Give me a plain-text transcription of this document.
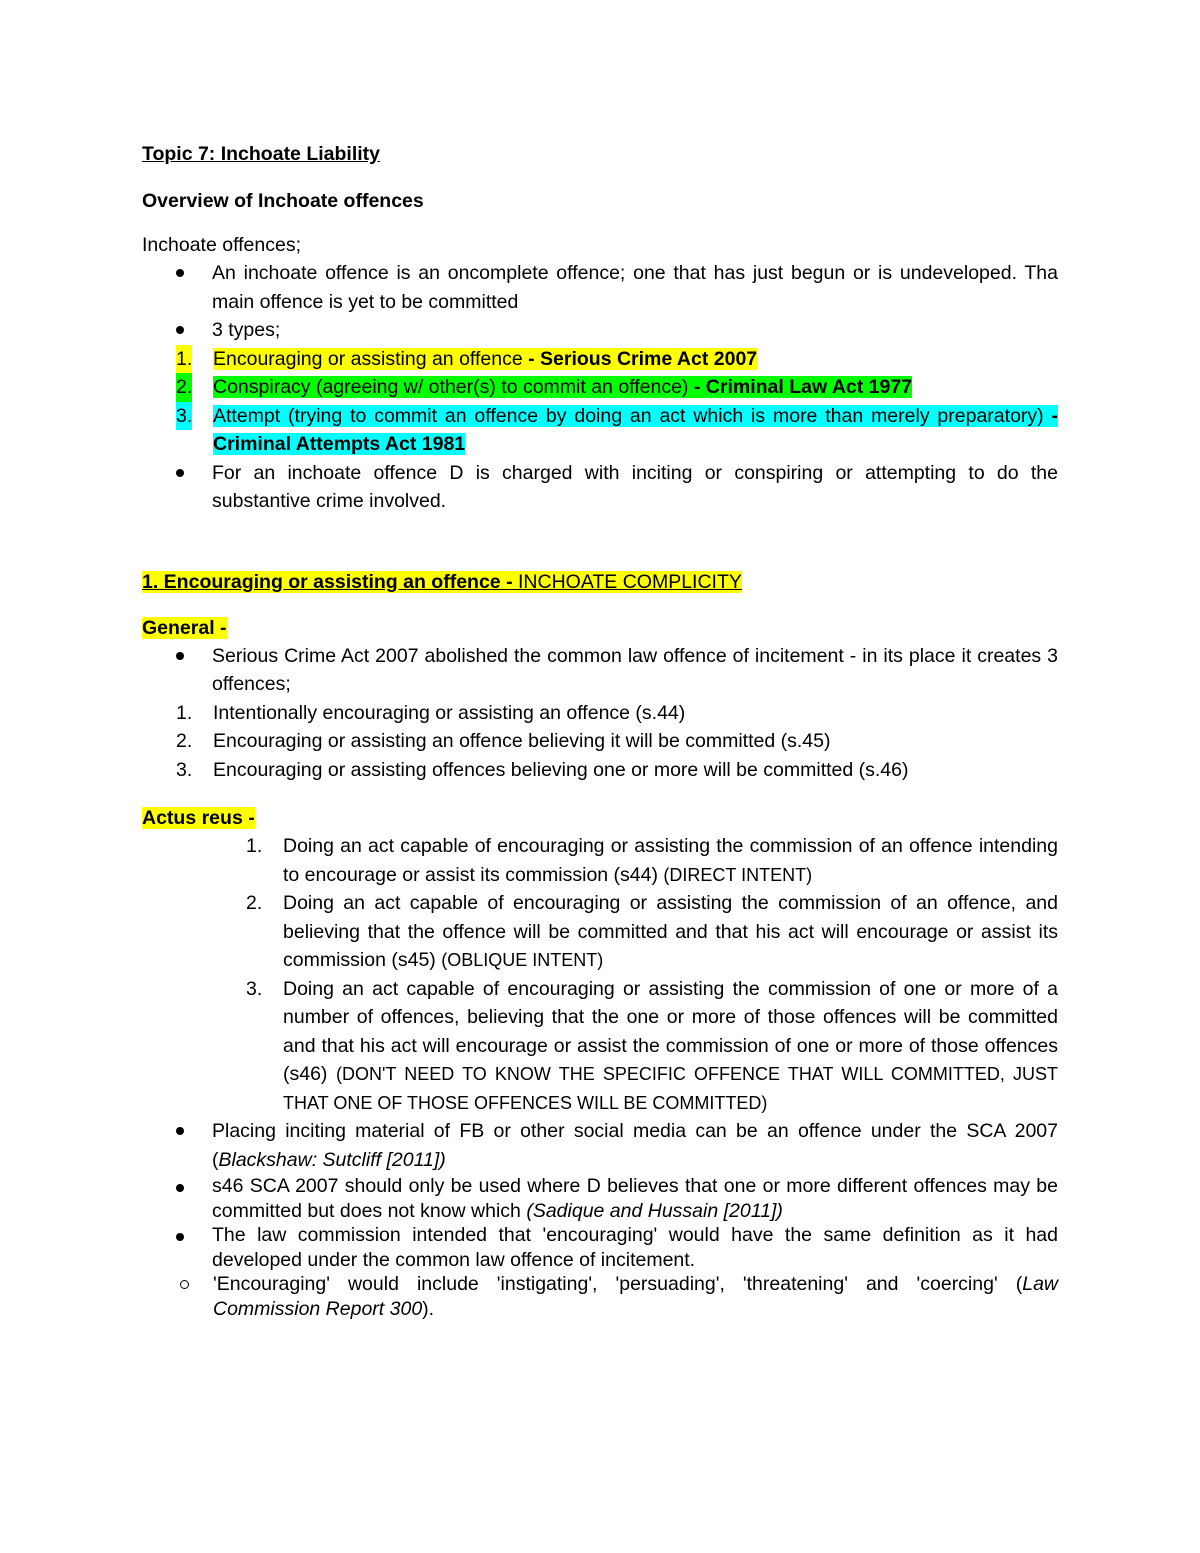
Topic 7: Inchoate Liability

Overview of Inchoate offences

Inchoate offences;

An inchoate offence is an oncomplete offence; one that has just begun or is undeveloped. Tha main offence is yet to be committed
3 types;
1. Encouraging or assisting an offence - Serious Crime Act 2007
2. Conspiracy (agreeing w/ other(s) to commit an offence) - Criminal Law Act 1977
3. Attempt (trying to commit an offence by doing an act which is more than merely preparatory) - Criminal Attempts Act 1981
For an inchoate offence D is charged with inciting or conspiring or attempting to do the substantive crime involved.

1. Encouraging or assisting an offence - INCHOATE COMPLICITY

General -

Serious Crime Act 2007 abolished the common law offence of incitement - in its place it creates 3 offences;
1. Intentionally encouraging or assisting an offence (s.44)
2. Encouraging or assisting an offence believing it will be committed (s.45)
3. Encouraging or assisting offences believing one or more will be committed (s.46)

Actus reus -

1. Doing an act capable of encouraging or assisting the commission of an offence intending to encourage or assist its commission (s44) (DIRECT INTENT)
2. Doing an act capable of encouraging or assisting the commission of an offence, and believing that the offence will be committed and that his act will encourage or assist its commission (s45) (OBLIQUE INTENT)
3. Doing an act capable of encouraging or assisting the commission of one or more of a number of offences, believing that the one or more of those offences will be committed and that his act will encourage or assist the commission of one or more of those offences (s46) (DON'T NEED TO KNOW THE SPECIFIC OFFENCE THAT WILL COMMITTED, JUST THAT ONE OF THOSE OFFENCES WILL BE COMMITTED)
Placing inciting material of FB or other social media can be an offence under the SCA 2007 (Blackshaw: Sutcliff [2011])
s46 SCA 2007 should only be used where D believes that one or more different offences may be committed but does not know which (Sadique and Hussain [2011])
The law commission intended that 'encouraging' would have the same definition as it had developed under the common law offence of incitement.
'Encouraging' would include 'instigating', 'persuading', 'threatening' and 'coercing' (Law Commission Report 300).
